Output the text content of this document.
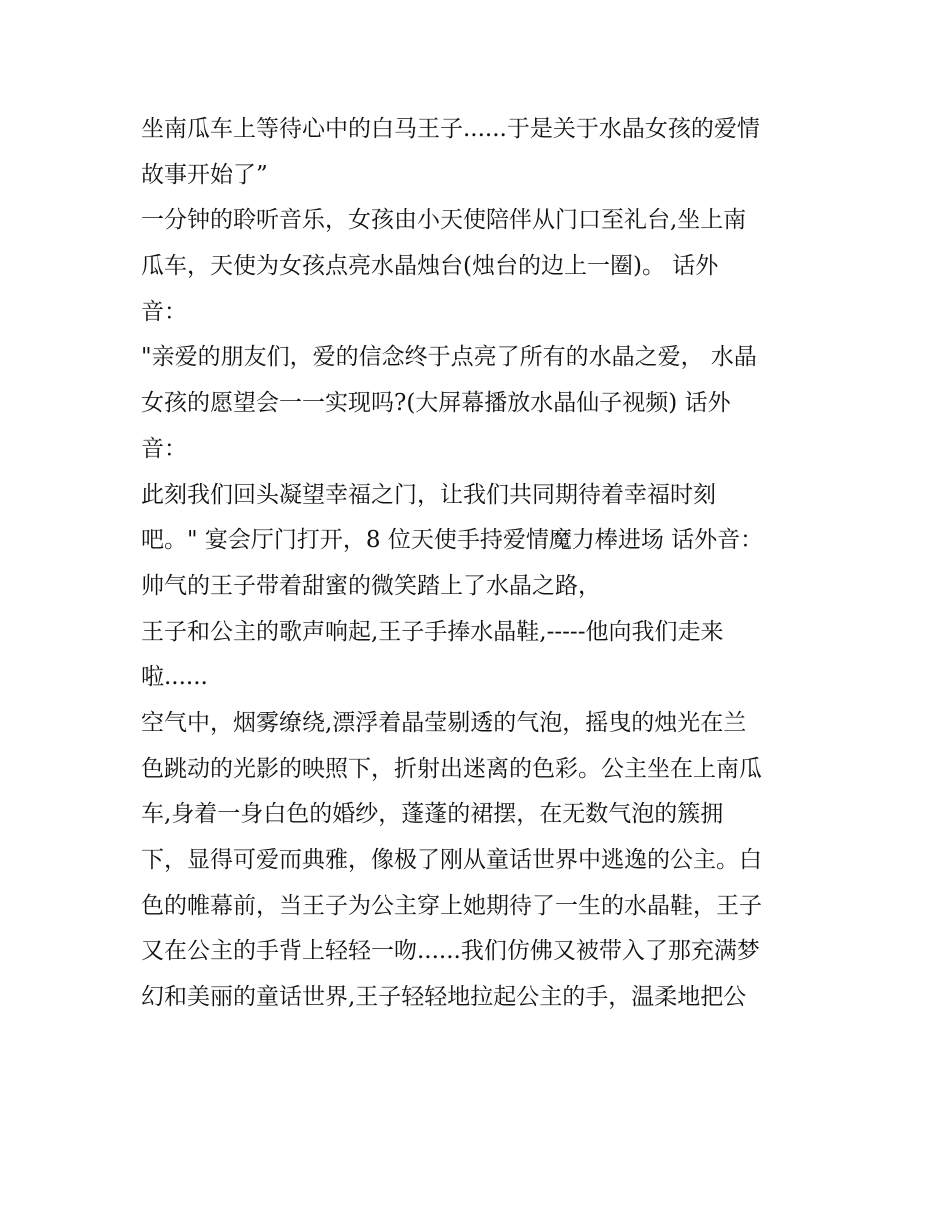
坐南瓜车上等待心中的白马王子......于是关于水晶女孩的爱情
故事开始了”
一分钟的聆听音乐，女孩由小天使陪伴从门口至礼台,坐上南
瓜车，天使为女孩点亮水晶烛台(烛台的边上一圈)。 话外
音：
"亲爱的朋友们，爱的信念终于点亮了所有的水晶之爱， 水晶
女孩的愿望会一一实现吗?(大屏幕播放水晶仙子视频) 话外
音：
此刻我们回头凝望幸福之门，让我们共同期待着幸福时刻
吧。" 宴会厅门打开，8 位天使手持爱情魔力棒进场 话外音：
帅气的王子带着甜蜜的微笑踏上了水晶之路，
王子和公主的歌声响起,王子手捧水晶鞋,-----他向我们走来
啦......
空气中，烟雾缭绕,漂浮着晶莹剔透的气泡，摇曳的烛光在兰
色跳动的光影的映照下，折射出迷离的色彩。公主坐在上南瓜
车,身着一身白色的婚纱，蓬蓬的裙摆，在无数气泡的簇拥
下，显得可爱而典雅，像极了刚从童话世界中逃逸的公主。白
色的帷幕前，当王子为公主穿上她期待了一生的水晶鞋，王子
又在公主的手背上轻轻一吻......我们仿佛又被带入了那充满梦
幻和美丽的童话世界,王子轻轻地拉起公主的手，温柔地把公
